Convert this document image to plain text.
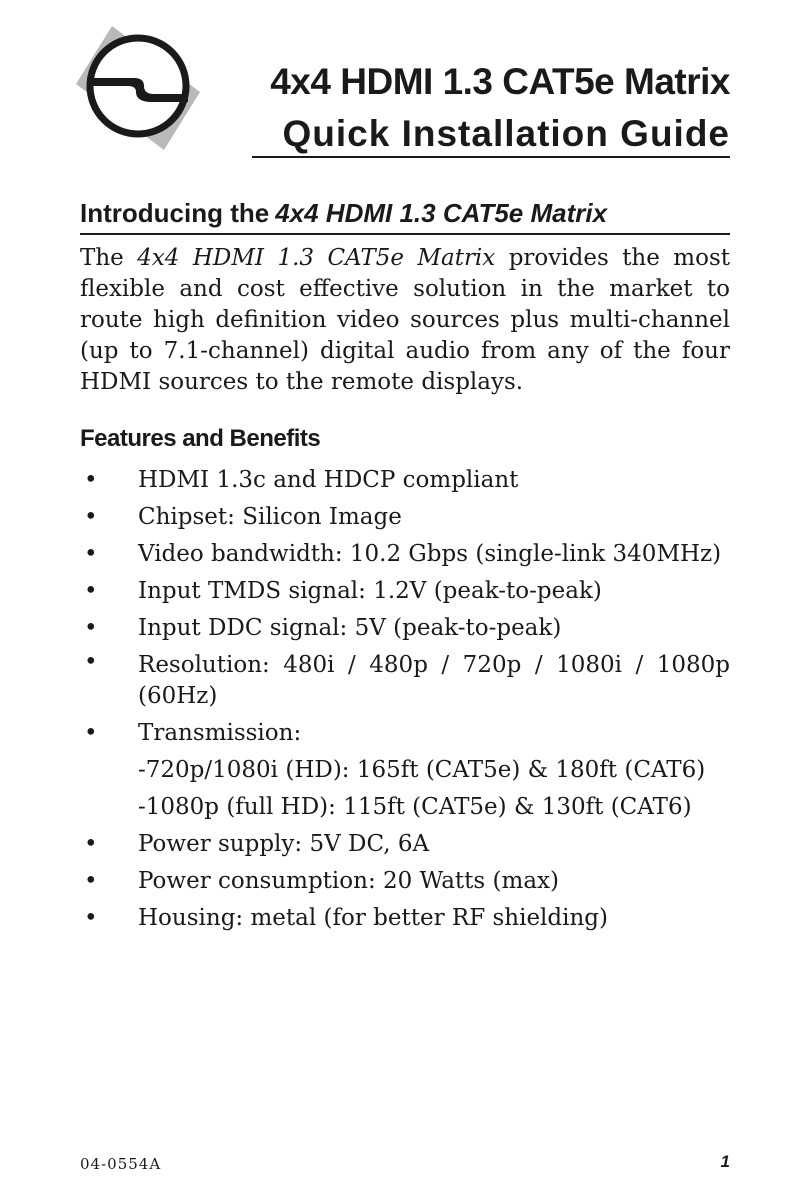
4x4 HDMI 1.3 CAT5e Matrix
Quick Installation Guide
Introducing the 4x4 HDMI 1.3 CAT5e Matrix
The 4x4 HDMI 1.3 CAT5e Matrix provides the most flexible and cost effective solution in the market to route high definition video sources plus multi-channel (up to 7.1-channel) digital audio from any of the four HDMI sources to the remote displays.
Features and Benefits
• HDMI 1.3c and HDCP compliant
• Chipset: Silicon Image
• Video bandwidth: 10.2 Gbps (single-link 340MHz)
• Input TMDS signal: 1.2V (peak-to-peak)
• Input DDC signal: 5V (peak-to-peak)
• Resolution: 480i / 480p / 720p / 1080i / 1080p (60Hz)
• Transmission:
-720p/1080i (HD): 165ft (CAT5e) & 180ft (CAT6)
-1080p (full HD): 115ft (CAT5e) & 130ft (CAT6)
• Power supply: 5V DC, 6A
• Power consumption: 20 Watts (max)
• Housing: metal (for better RF shielding)
04-0554A	1
